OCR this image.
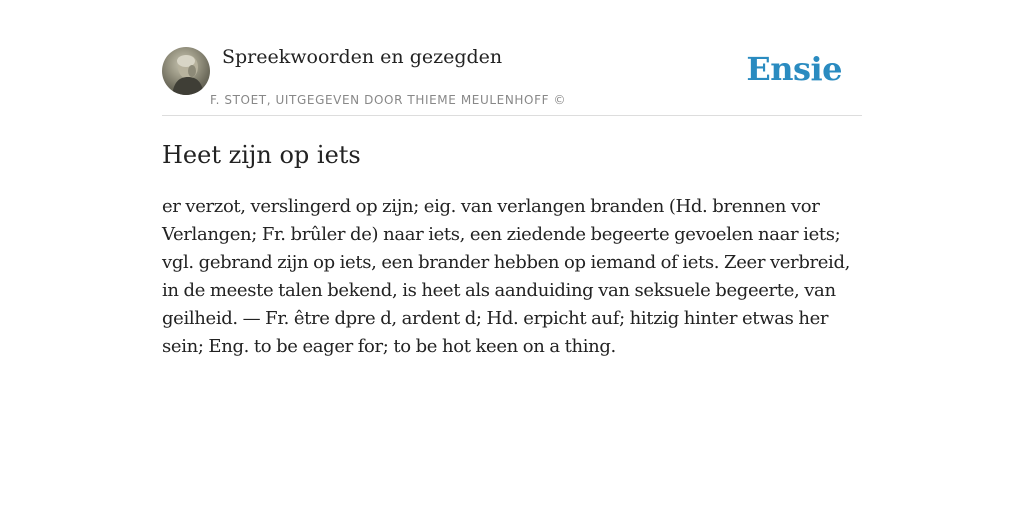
Spreekwoorden en gezegden
F. STOET, UITGEGEVEN DOOR THIEME MEULENHOFF ©
Ensie
Heet zijn op iets

er verzot, verslingerd op zijn; eig. van verlangen branden (Hd. brennen vor Verlangen; Fr. brûler de) naar iets, een ziedende begeerte gevoelen naar iets; vgl. gebrand zijn op iets, een brander hebben op iemand of iets. Zeer verbreid, in de meeste talen bekend, is heet als aanduiding van seksuele begeerte, van geilheid. — Fr. être dpre d, ardent d; Hd. erpicht auf; hitzig hinter etwas her sein; Eng. to be eager for; to be hot keen on a thing.
